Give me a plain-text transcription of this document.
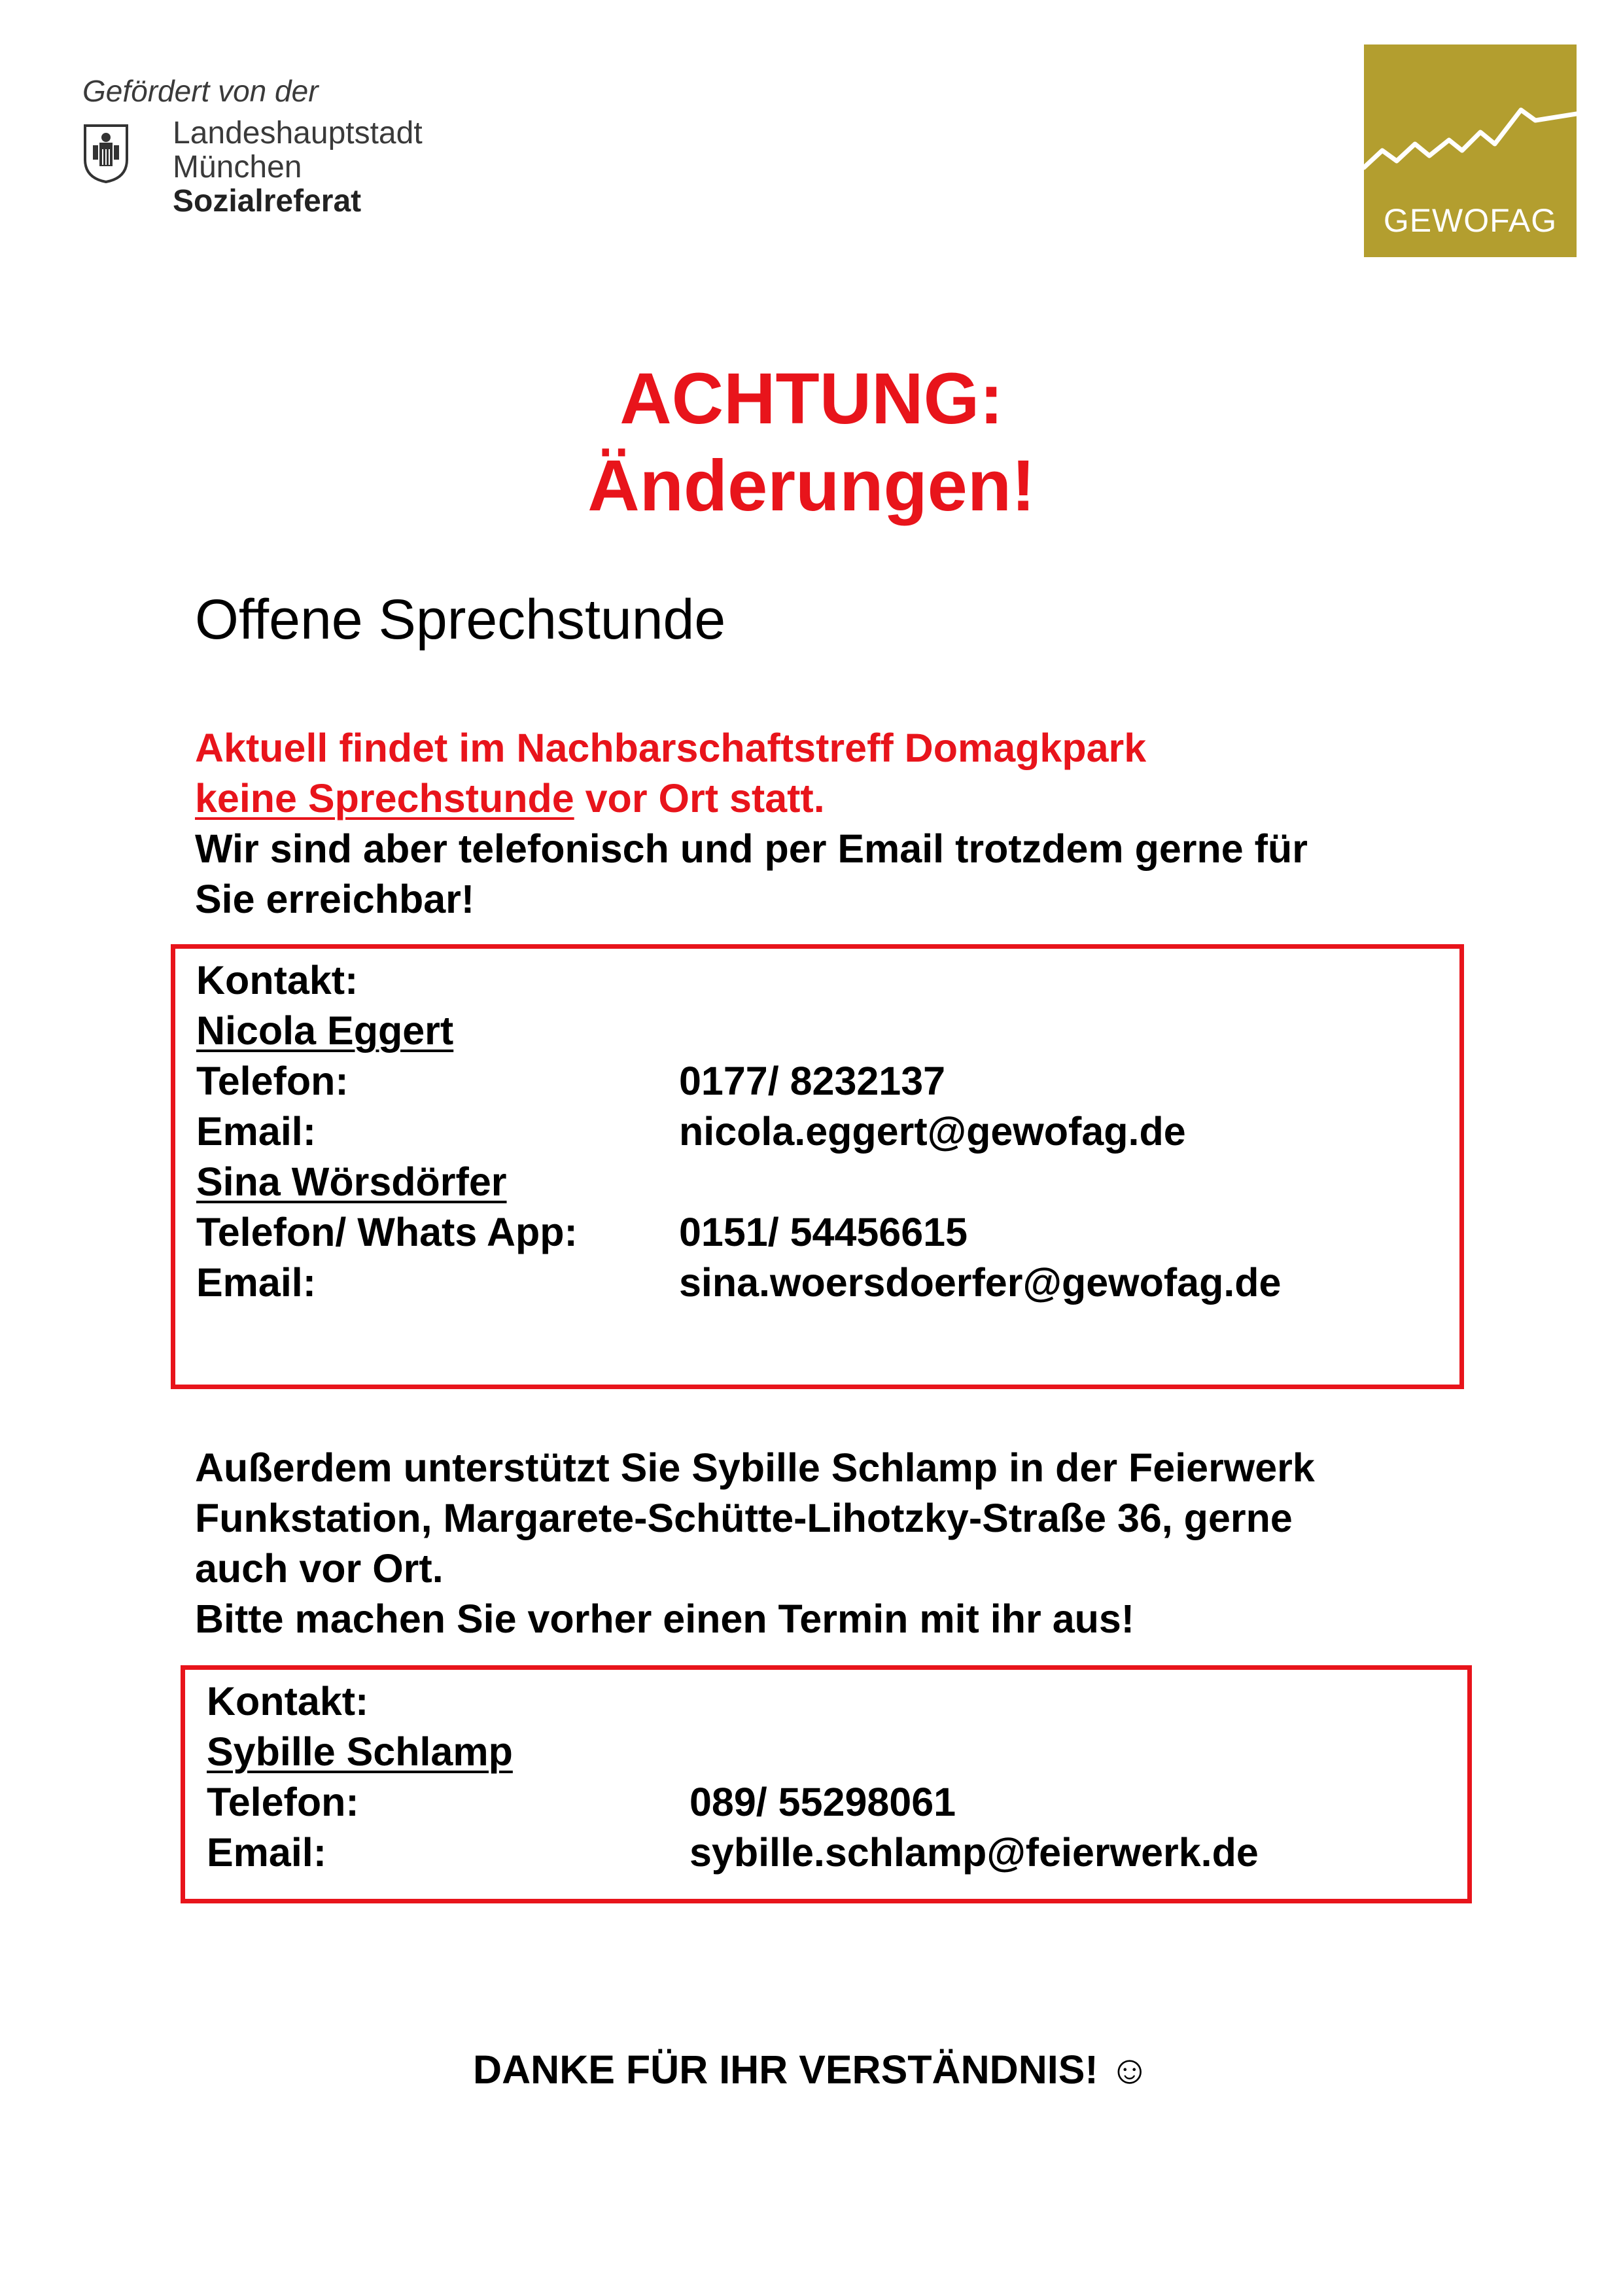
Gefördert von der
Landeshauptstadt
München
Sozialreferat
GEWOFAG
ACHTUNG:
Änderungen!
Offene Sprechstunde
Aktuell findet im Nachbarschaftstreff Domagkpark
keine Sprechstunde vor Ort statt.
Wir sind aber telefonisch und per Email trotzdem gerne für
Sie erreichbar!
Kontakt:
Nicola Eggert
Telefon:	0177/ 8232137
Email:	nicola.eggert@gewofag.de
Sina Wörsdörfer
Telefon/ Whats App:	0151/ 54456615
Email:	sina.woersdoerfer@gewofag.de
Außerdem unterstützt Sie Sybille Schlamp in der Feierwerk
Funkstation, Margarete-Schütte-Lihotzky-Straße 36, gerne
auch vor Ort.
Bitte machen Sie vorher einen Termin mit ihr aus!
Kontakt:
Sybille Schlamp
Telefon:	089/ 55298061
Email:	sybille.schlamp@feierwerk.de
DANKE FÜR IHR VERSTÄNDNIS! ☺
